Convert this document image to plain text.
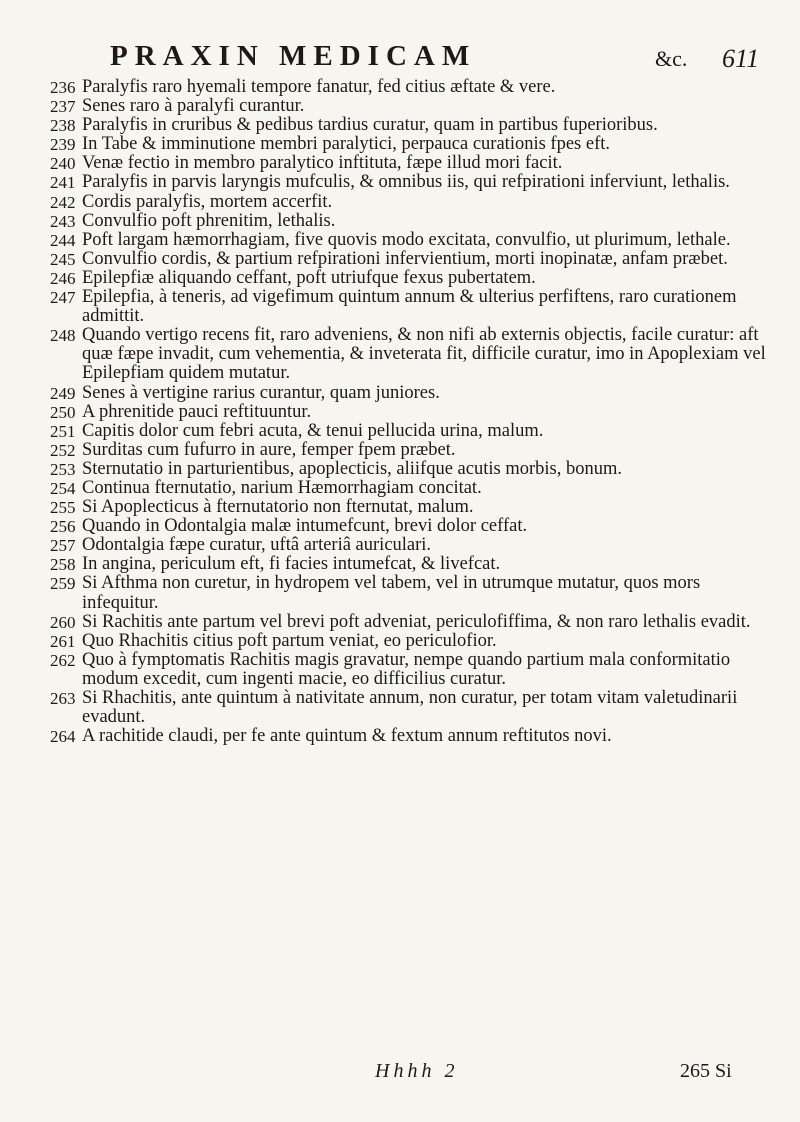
PRAXIN MEDICAM	&c. 611
236 Paralyfis raro hyemali tempore fanatur, fed citius æftate & vere.
237 Senes raro à paralyfi curantur.
238 Paralyfis in cruribus & pedibus tardius curatur, quam in partibus fuperioribus.
239 In Tabe & imminutione membri paralytici, perpauca curationis fpes eft.
240 Venæ fectio in membro paralytico inftituta, fæpe illud mori facit.
241 Paralyfis in parvis laryngis mufculis, & omnibus iis, qui refpirationi inferviunt, lethalis.
242 Cordis paralyfis, mortem accerfit.
243 Convulfio poft phrenitim, lethalis.
244 Poft largam hæmorrhagiam, five quovis modo excitata, convulfio, ut plurimum, lethale.
245 Convulfio cordis, & partium refpirationi infervientium, morti inopinatæ, anfam præbet.
246 Epilepfiæ aliquando ceffant, poft utriufque fexus pubertatem.
247 Epilepfia, à teneris, ad vigefimum quintum annum & ulterius perfiftens, raro curationem admittit.
248 Quando vertigo recens fit, raro adveniens, & non nifi ab externis objectis, facile curatur: aft quæ fæpe invadit, cum vehementia, & inveterata fit, difficile curatur, imo in Apoplexiam vel Epilepfiam quidem mutatur.
249 Senes à vertigine rarius curantur, quam juniores.
250 A phrenitide pauci reftituuntur.
251 Capitis dolor cum febri acuta, & tenui pellucida urina, malum.
252 Surditas cum fufurro in aure, femper fpem præbet.
253 Sternutatio in parturientibus, apoplecticis, aliifque acutis morbis, bonum.
254 Continua fternutatio, narium Hæmorrhagiam concitat.
255 Si Apoplecticus à fternutatorio non fternutat, malum.
256 Quando in Odontalgia malæ intumefcunt, brevi dolor ceffat.
257 Odontalgia fæpe curatur, uftâ arteriâ auriculari.
258 In angina, periculum eft, fi facies intumefcat, & livefcat.
259 Si Afthma non curetur, in hydropem vel tabem, vel in utrumque mutatur, quos mors infequitur.
260 Si Rachitis ante partum vel brevi poft adveniat, periculofiffima, & non raro lethalis evadit.
261 Quo Rhachitis citius poft partum veniat, eo periculofior.
262 Quo à fymptomatis Rachitis magis gravatur, nempe quando partium mala conformitatio modum excedit, cum ingenti macie, eo difficilius curatur.
263 Si Rhachitis, ante quintum à nativitate annum, non curatur, per totam vitam valetudinarii evadunt.
264 A rachitide claudi, per fe ante quintum & fextum annum reftitutos novi.
Hhhh 2	265 Si
